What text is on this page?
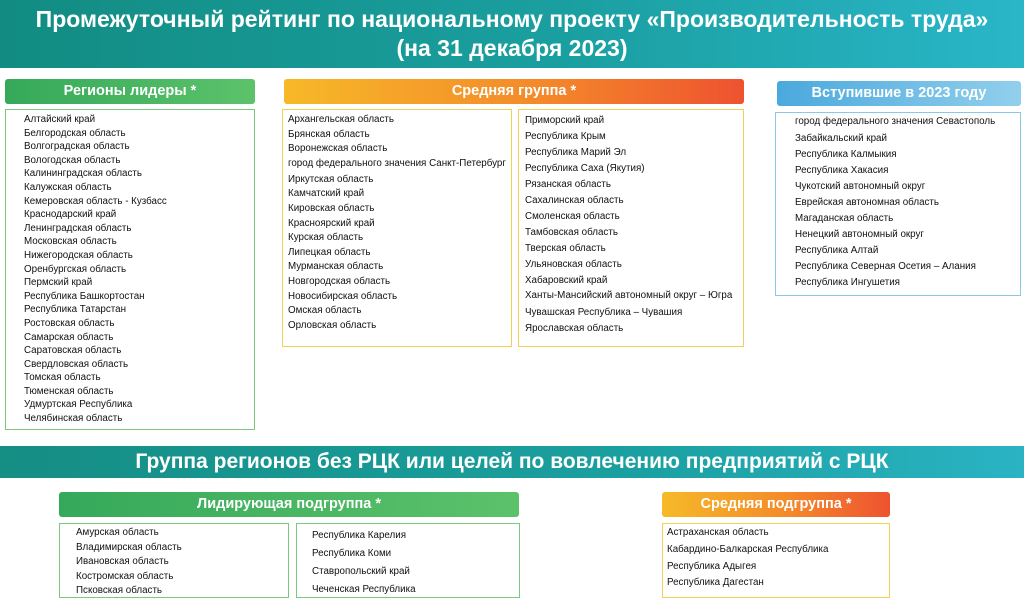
Промежуточный рейтинг по национальному проекту «Производительность труда»
(на 31 декабря 2023)
Регионы лидеры *
Алтайский край
Белгородская область
Волгоградская область
Вологодская область
Калининградская область
Калужская область
Кемеровская область - Кузбасс
Краснодарский край
Ленинградская область
Московская область
Нижегородская область
Оренбургская область
Пермский край
Республика Башкортостан
Республика Татарстан
Ростовская область
Самарская область
Саратовская область
Свердловская область
Томская область
Тюменская область
Удмуртская Республика
Челябинская область
Средняя группа *
Архангельская область
Брянская область
Воронежская область
город федерального значения Санкт-Петербург
Иркутская область
Камчатский край
Кировская область
Красноярский край
Курская область
Липецкая область
Мурманская область
Новгородская область
Новосибирская область
Омская область
Орловская область
Приморский край
Республика Крым
Республика Марий Эл
Республика Саха (Якутия)
Рязанская область
Сахалинская область
Смоленская область
Тамбовская область
Тверская область
Ульяновская область
Хабаровский край
Ханты-Мансийский автономный округ – Югра
Чувашская Республика – Чувашия
Ярославская область
Вступившие в 2023 году
город федерального значения Севастополь
Забайкальский край
Республика Калмыкия
Республика Хакасия
Чукотский автономный округ
Еврейская автономная область
Магаданская область
Ненецкий автономный округ
Республика Алтай
Республика Северная Осетия – Алания
Республика Ингушетия
Группа регионов без РЦК или целей по вовлечению предприятий с РЦК
Лидирующая подгруппа *
Амурская область
Владимирская область
Ивановская область
Костромская область
Псковская область
Республика Карелия
Республика Коми
Ставропольский край
Чеченская Республика
Средняя подгруппа *
Астраханская область
Кабардино-Балкарская Республика
Республика Адыгея
Республика Дагестан
